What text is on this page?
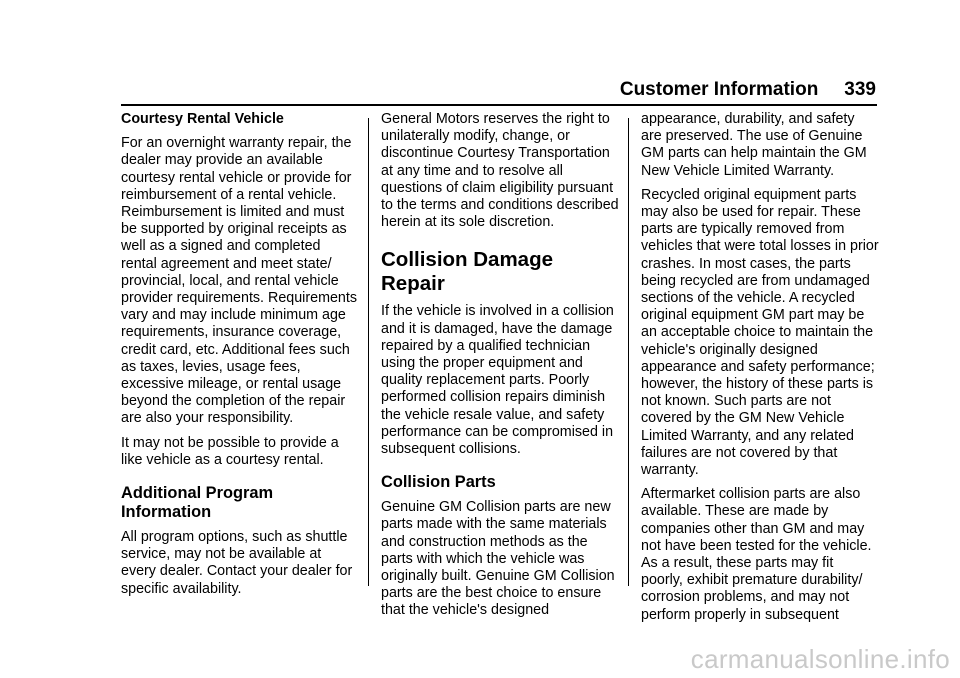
Customer Information 339

Courtesy Rental Vehicle

For an overnight warranty repair, the dealer may provide an available courtesy rental vehicle or provide for reimbursement of a rental vehicle. Reimbursement is limited and must be supported by original receipts as well as a signed and completed rental agreement and meet state/ provincial, local, and rental vehicle provider requirements. Requirements vary and may include minimum age requirements, insurance coverage, credit card, etc. Additional fees such as taxes, levies, usage fees, excessive mileage, or rental usage beyond the completion of the repair are also your responsibility.

It may not be possible to provide a like vehicle as a courtesy rental.

Additional Program Information

All program options, such as shuttle service, may not be available at every dealer. Contact your dealer for specific availability.

General Motors reserves the right to unilaterally modify, change, or discontinue Courtesy Transportation at any time and to resolve all questions of claim eligibility pursuant to the terms and conditions described herein at its sole discretion.

Collision Damage Repair

If the vehicle is involved in a collision and it is damaged, have the damage repaired by a qualified technician using the proper equipment and quality replacement parts. Poorly performed collision repairs diminish the vehicle resale value, and safety performance can be compromised in subsequent collisions.

Collision Parts

Genuine GM Collision parts are new parts made with the same materials and construction methods as the parts with which the vehicle was originally built. Genuine GM Collision parts are the best choice to ensure that the vehicle's designed

appearance, durability, and safety are preserved. The use of Genuine GM parts can help maintain the GM New Vehicle Limited Warranty.

Recycled original equipment parts may also be used for repair. These parts are typically removed from vehicles that were total losses in prior crashes. In most cases, the parts being recycled are from undamaged sections of the vehicle. A recycled original equipment GM part may be an acceptable choice to maintain the vehicle's originally designed appearance and safety performance; however, the history of these parts is not known. Such parts are not covered by the GM New Vehicle Limited Warranty, and any related failures are not covered by that warranty.

Aftermarket collision parts are also available. These are made by companies other than GM and may not have been tested for the vehicle. As a result, these parts may fit poorly, exhibit premature durability/ corrosion problems, and may not perform properly in subsequent

carmanualsonline.info
